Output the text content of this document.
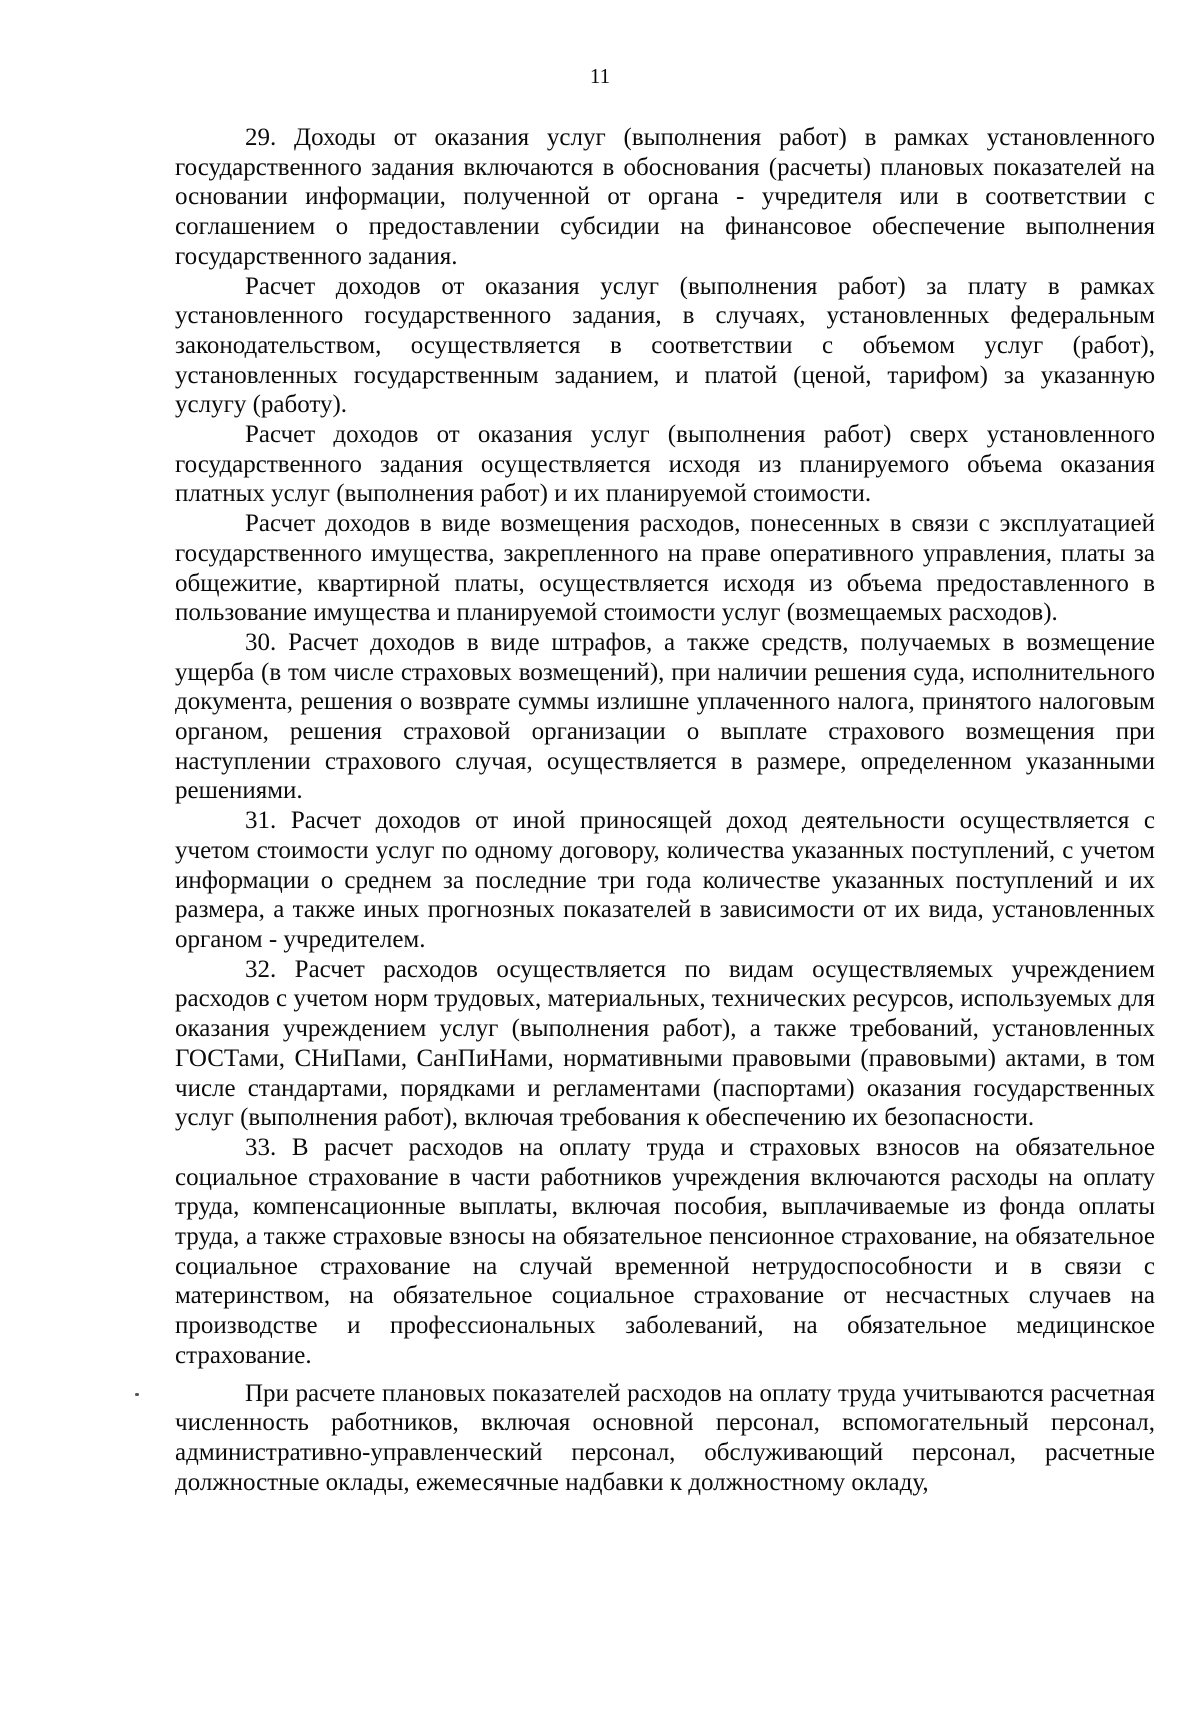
11

29. Доходы от оказания услуг (выполнения работ) в рамках установленного государственного задания включаются в обоснования (расчеты) плановых показателей на основании информации, полученной от органа - учредителя или в соответствии с соглашением о предоставлении субсидии на финансовое обеспечение выполнения государственного задания.

Расчет доходов от оказания услуг (выполнения работ) за плату в рамках установленного государственного задания, в случаях, установленных федеральным законодательством, осуществляется в соответствии с объемом услуг (работ), установленных государственным заданием, и платой (ценой, тарифом) за указанную услугу (работу).

Расчет доходов от оказания услуг (выполнения работ) сверх установленного государственного задания осуществляется исходя из планируемого объема оказания платных услуг (выполнения работ) и их планируемой стоимости.

Расчет доходов в виде возмещения расходов, понесенных в связи с эксплуатацией государственного имущества, закрепленного на праве оперативного управления, платы за общежитие, квартирной платы, осуществляется исходя из объема предоставленного в пользование имущества и планируемой стоимости услуг (возмещаемых расходов).

30. Расчет доходов в виде штрафов, а также средств, получаемых в возмещение ущерба (в том числе страховых возмещений), при наличии решения суда, исполнительного документа, решения о возврате суммы излишне уплаченного налога, принятого налоговым органом, решения страховой организации о выплате страхового возмещения при наступлении страхового случая, осуществляется в размере, определенном указанными решениями.

31. Расчет доходов от иной приносящей доход деятельности осуществляется с учетом стоимости услуг по одному договору, количества указанных поступлений, с учетом информации о среднем за последние три года количестве указанных поступлений и их размера, а также иных прогнозных показателей в зависимости от их вида, установленных органом - учредителем.

32. Расчет расходов осуществляется по видам осуществляемых учреждением расходов с учетом норм трудовых, материальных, технических ресурсов, используемых для оказания учреждением услуг (выполнения работ), а также требований, установленных ГОСТами, СНиПами, СанПиНами, нормативными правовыми (правовыми) актами, в том числе стандартами, порядками и регламентами (паспортами) оказания государственных услуг (выполнения работ), включая требования к обеспечению их безопасности.

33. В расчет расходов на оплату труда и страховых взносов на обязательное социальное страхование в части работников учреждения включаются расходы на оплату труда, компенсационные выплаты, включая пособия, выплачиваемые из фонда оплаты труда, а также страховые взносы на обязательное пенсионное страхование, на обязательное социальное страхование на случай временной нетрудоспособности и в связи с материнством, на обязательное социальное страхование от несчастных случаев на производстве и профессиональных заболеваний, на обязательное медицинское страхование.

При расчете плановых показателей расходов на оплату труда учитываются расчетная численность работников, включая основной персонал, вспомогательный персонал, административно-управленческий персонал, обслуживающий персонал, расчетные должностные оклады, ежемесячные надбавки к должностному окладу,
